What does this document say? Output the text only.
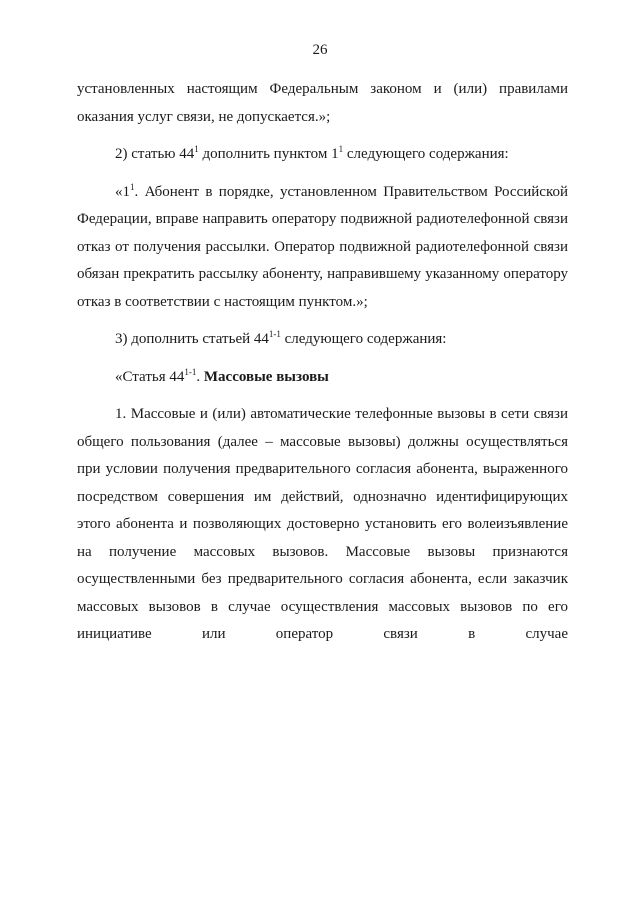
26

установленных настоящим Федеральным законом и (или) правилами оказания услуг связи, не допускается.»;

2) статью $44^1$ дополнить пунктом $1^1$ следующего содержания:

«$1^1$. Абонент в порядке, установленном Правительством Российской Федерации, вправе направить оператору подвижной радиотелефонной связи отказ от получения рассылки. Оператор подвижной радиотелефонной связи обязан прекратить рассылку абоненту, направившему указанному оператору отказ в соответствии с настоящим пунктом.»;

3) дополнить статьей 44$^{1-1}$ следующего содержания:

«Статья 44$^{1-1}$. Массовые вызовы

1. Массовые и (или) автоматические телефонные вызовы в сети связи общего пользования (далее – массовые вызовы) должны осуществляться при условии получения предварительного согласия абонента, выраженного посредством совершения им действий, однозначно идентифицирующих этого абонента и позволяющих достоверно установить его волеизъявление на получение массовых вызовов. Массовые вызовы признаются осуществленными без предварительного согласия абонента, если заказчик массовых вызовов в случае осуществления массовых вызовов по его инициативе или оператор связи в случае
